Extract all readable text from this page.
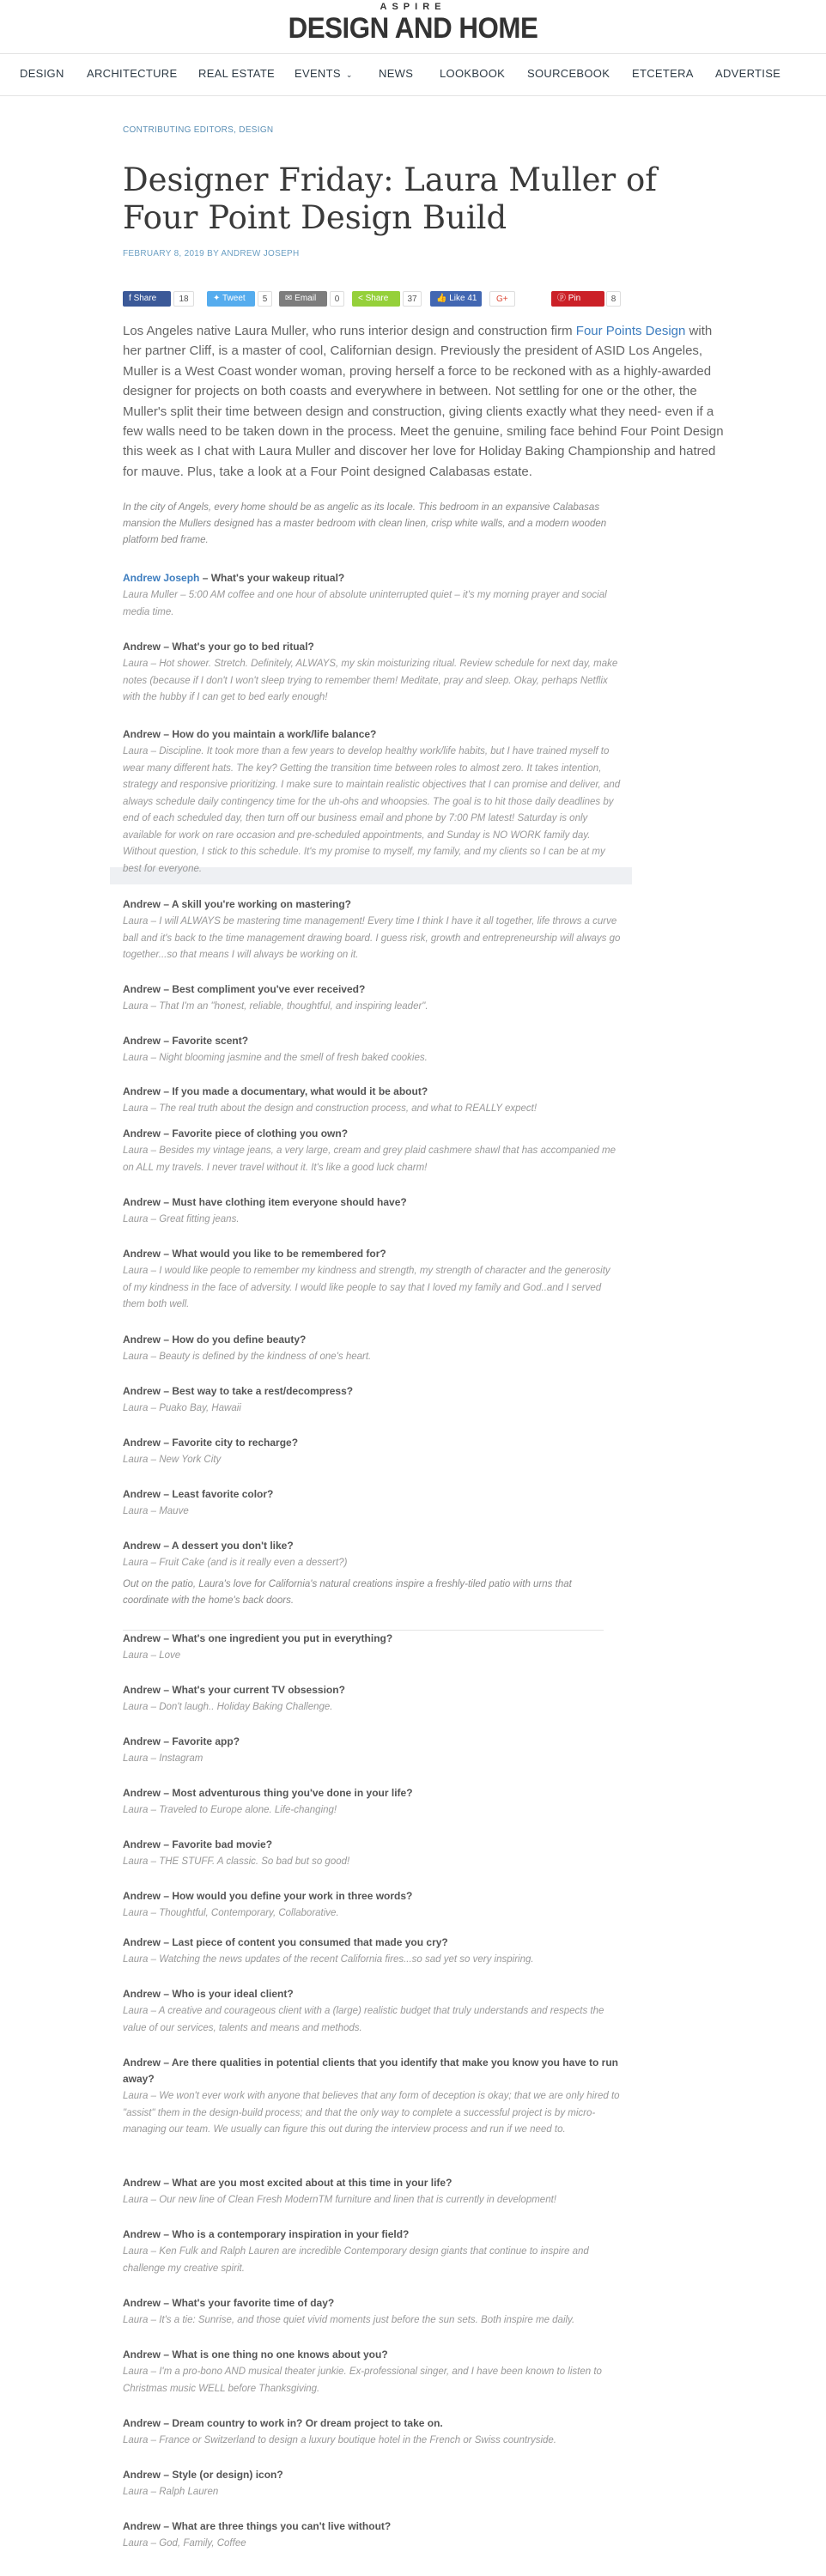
ASPIRE
DESIGN AND HOME
DESIGN ARCHITECTURE REAL ESTATE EVENTS ⌄ NEWS LOOKBOOK SOURCEBOOK ETCETERA ADVERTISE
CONTRIBUTING EDITORS, DESIGN
Designer Friday: Laura Muller of Four Point Design Build
FEBRUARY 8, 2019 BY ANDREW JOSEPH
f Share	18	✦ Tweet	5	✉ Email	0	< Share	37	👍 Like 41	G+	ⓟ Pin	8
Los Angeles native Laura Muller, who runs interior design and construction firm Four Points Design with her partner Cliff, is a master of cool, Californian design. Previously the president of ASID Los Angeles, Muller is a West Coast wonder woman, proving herself a force to be reckoned with as a highly-awarded designer for projects on both coasts and everywhere in between. Not settling for one or the other, the Muller's split their time between design and construction, giving clients exactly what they need- even if a few walls need to be taken down in the process. Meet the genuine, smiling face behind Four Point Design this week as I chat with Laura Muller and discover her love for Holiday Baking Championship and hatred for mauve. Plus, take a look at a Four Point designed Calabasas estate.
In the city of Angels, every home should be as angelic as its locale. This bedroom in an expansive Calabasas mansion the Mullers designed has a master bedroom with clean linen, crisp white walls, and a modern wooden platform bed frame.
Andrew Joseph – What's your wakeup ritual?
Laura Muller – 5:00 AM coffee and one hour of absolute uninterrupted quiet – it's my morning prayer and social media time.
Andrew – What's your go to bed ritual?
Laura – Hot shower. Stretch. Definitely, ALWAYS, my skin moisturizing ritual. Review schedule for next day, make notes (because if I don't I won't sleep trying to remember them! Meditate, pray and sleep. Okay, perhaps Netflix with the hubby if I can get to bed early enough!
Andrew – How do you maintain a work/life balance?
Laura – Discipline. It took more than a few years to develop healthy work/life habits, but I have trained myself to wear many different hats. The key? Getting the transition time between roles to almost zero. It takes intention, strategy and responsive prioritizing. I make sure to maintain realistic objectives that I can promise and deliver, and always schedule daily contingency time for the uh-ohs and whoopsies. The goal is to hit those daily deadlines by end of each scheduled day, then turn off our business email and phone by 7:00 PM latest! Saturday is only available for work on rare occasion and pre-scheduled appointments, and Sunday is NO WORK family day. Without question, I stick to this schedule. It's my promise to myself, my family, and my clients so I can be at my best for everyone.
Andrew – A skill you're working on mastering?
Laura – I will ALWAYS be mastering time management! Every time I think I have it all together, life throws a curve ball and it's back to the time management drawing board. I guess risk, growth and entrepreneurship will always go together...so that means I will always be working on it.
Andrew – Best compliment you've ever received?
Laura – That I'm an "honest, reliable, thoughtful, and inspiring leader".
Andrew – Favorite scent?
Laura – Night blooming jasmine and the smell of fresh baked cookies.
Andrew – If you made a documentary, what would it be about?
Laura – The real truth about the design and construction process, and what to REALLY expect!
Andrew – Favorite piece of clothing you own?
Laura – Besides my vintage jeans, a very large, cream and grey plaid cashmere shawl that has accompanied me on ALL my travels. I never travel without it. It's like a good luck charm!
Andrew – Must have clothing item everyone should have?
Laura – Great fitting jeans.
Andrew – What would you like to be remembered for?
Laura – I would like people to remember my kindness and strength, my strength of character and the generosity of my kindness in the face of adversity. I would like people to say that I loved my family and God..and I served them both well.
Andrew – How do you define beauty?
Laura – Beauty is defined by the kindness of one's heart.
Andrew – Best way to take a rest/decompress?
Laura – Puako Bay, Hawaii
Andrew – Favorite city to recharge?
Laura – New York City
Andrew – Least favorite color?
Laura – Mauve
Andrew – A dessert you don't like?
Laura – Fruit Cake (and is it really even a dessert?)
Out on the patio, Laura's love for California's natural creations inspire a freshly-tiled patio with urns that coordinate with the home's back doors.
Andrew – What's one ingredient you put in everything?
Laura – Love
Andrew – What's your current TV obsession?
Laura – Don't laugh.. Holiday Baking Challenge.
Andrew – Favorite app?
Laura – Instagram
Andrew – Most adventurous thing you've done in your life?
Laura – Traveled to Europe alone. Life-changing!
Andrew – Favorite bad movie?
Laura – THE STUFF. A classic. So bad but so good!
Andrew – How would you define your work in three words?
Laura – Thoughtful, Contemporary, Collaborative.
Andrew – Last piece of content you consumed that made you cry?
Laura – Watching the news updates of the recent California fires...so sad yet so very inspiring.
Andrew – Who is your ideal client?
Laura – A creative and courageous client with a (large) realistic budget that truly understands and respects the value of our services, talents and means and methods.
Andrew – Are there qualities in potential clients that you identify that make you know you have to run away?
Laura – We won't ever work with anyone that believes that any form of deception is okay; that we are only hired to "assist" them in the design-build process; and that the only way to complete a successful project is by micro-managing our team. We usually can figure this out during the interview process and run if we need to.
Andrew – What are you most excited about at this time in your life?
Laura – Our new line of Clean Fresh ModernTM furniture and linen that is currently in development!
Andrew – Who is a contemporary inspiration in your field?
Laura – Ken Fulk and Ralph Lauren are incredible Contemporary design giants that continue to inspire and challenge my creative spirit.
Andrew – What's your favorite time of day?
Laura – It's a tie: Sunrise, and those quiet vivid moments just before the sun sets. Both inspire me daily.
Andrew – What is one thing no one knows about you?
Laura – I'm a pro-bono AND musical theater junkie. Ex-professional singer, and I have been known to listen to Christmas music WELL before Thanksgiving.
Andrew – Dream country to work in? Or dream project to take on.
Laura – France or Switzerland to design a luxury boutique hotel in the French or Swiss countryside.
Andrew – Style (or design) icon?
Laura – Ralph Lauren
Andrew – What are three things you can't live without?
Laura – God, Family, Coffee
